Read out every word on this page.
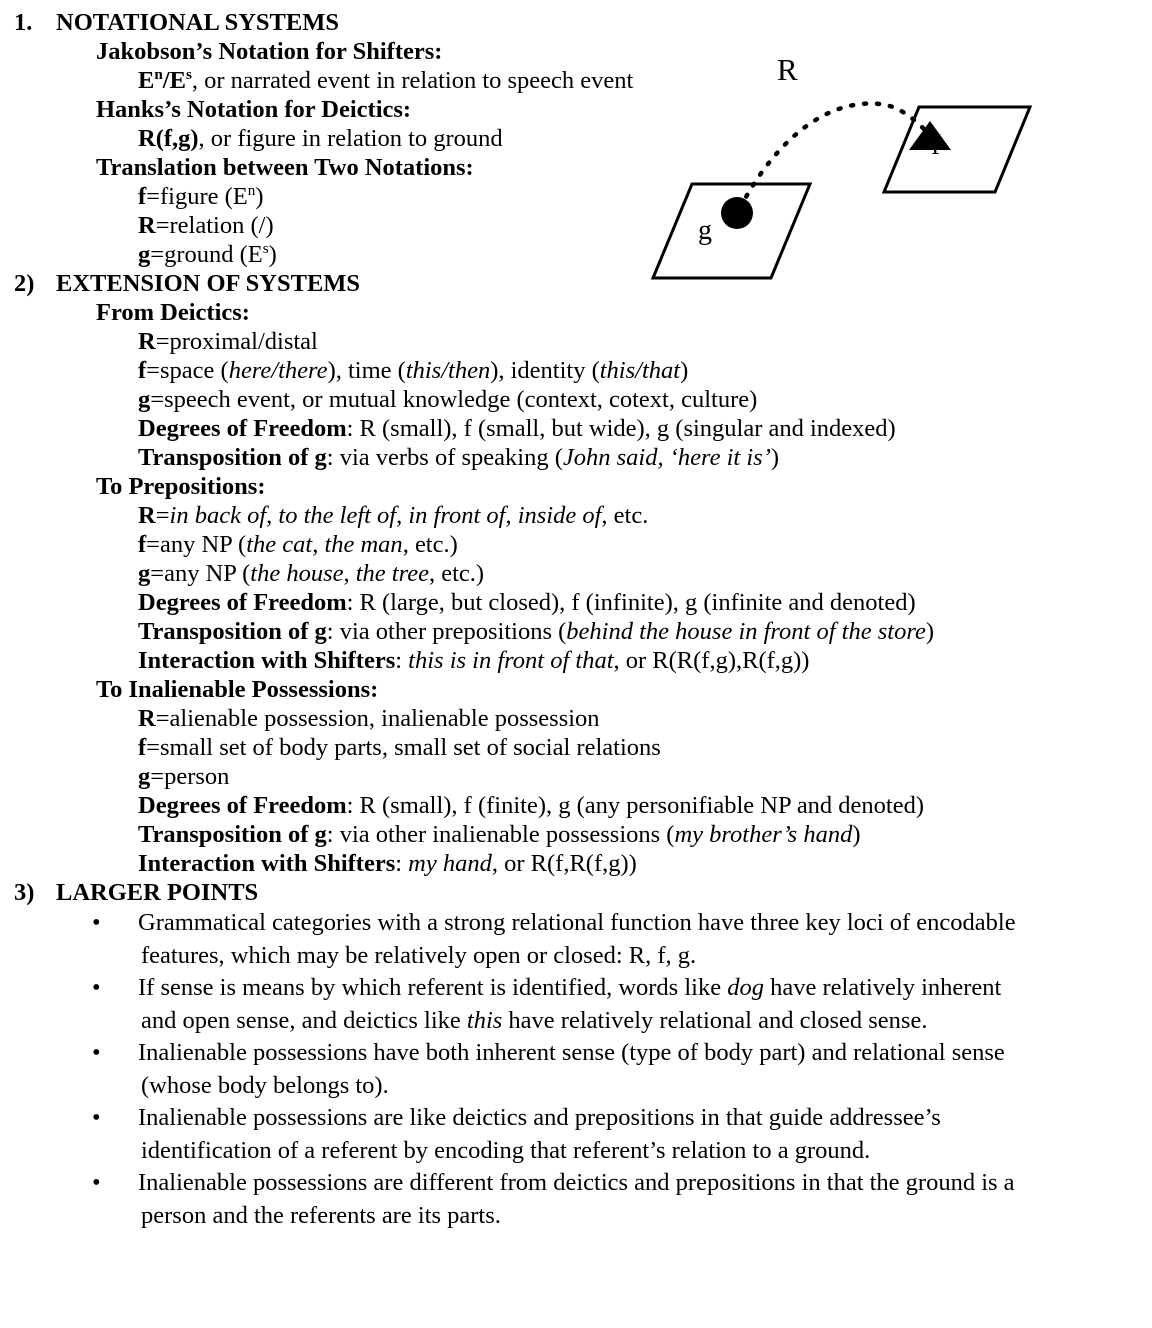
1. NOTATIONAL SYSTEMS
Jakobson’s Notation for Shifters:
$E^n/E^s$, or narrated event in relation to speech event
Hanks’s Notation for Deictics:
R(f,g), or figure in relation to ground
Translation between Two Notations:
f=figure $(E^n)$
R=relation (/)
g=ground $(E^s)$
2) EXTENSION OF SYSTEMS
From Deictics:
R=proximal/distal
f=space (here/there), time (this/then), identity (this/that)
g=speech event, or mutual knowledge (context, cotext, culture)
Degrees of Freedom: R (small), f (small, but wide), g (singular and indexed)
Transposition of g: via verbs of speaking (John said, ‘here it is’)
To Prepositions:
R=in back of, to the left of, in front of, inside of, etc.
f=any NP (the cat, the man, etc.)
g=any NP (the house, the tree, etc.)
Degrees of Freedom: R (large, but closed), f (infinite), g (infinite and denoted)
Transposition of g: via other prepositions (behind the house in front of the store)
Interaction with Shifters: this is in front of that, or R(R(f,g),R(f,g))
To Inalienable Possessions:
R=alienable possession, inalienable possession
f=small set of body parts, small set of social relations
g=person
Degrees of Freedom: R (small), f (finite), g (any personifiable NP and denoted)
Transposition of g: via other inalienable possessions (my brother’s hand)
Interaction with Shifters: my hand, or R(f,R(f,g))
3) LARGER POINTS
• Grammatical categories with a strong relational function have three key loci of encodable
features, which may be relatively open or closed: R, f, g.
• If sense is means by which referent is identified, words like dog have relatively inherent
and open sense, and deictics like this have relatively relational and closed sense.
• Inalienable possessions have both inherent sense (type of body part) and relational sense
(whose body belongs to).
• Inalienable possessions are like deictics and prepositions in that guide addressee’s
identification of a referent by encoding that referent’s relation to a ground.
• Inalienable possessions are different from deictics and prepositions in that the ground is a
person and the referents are its parts.
R
g
f
